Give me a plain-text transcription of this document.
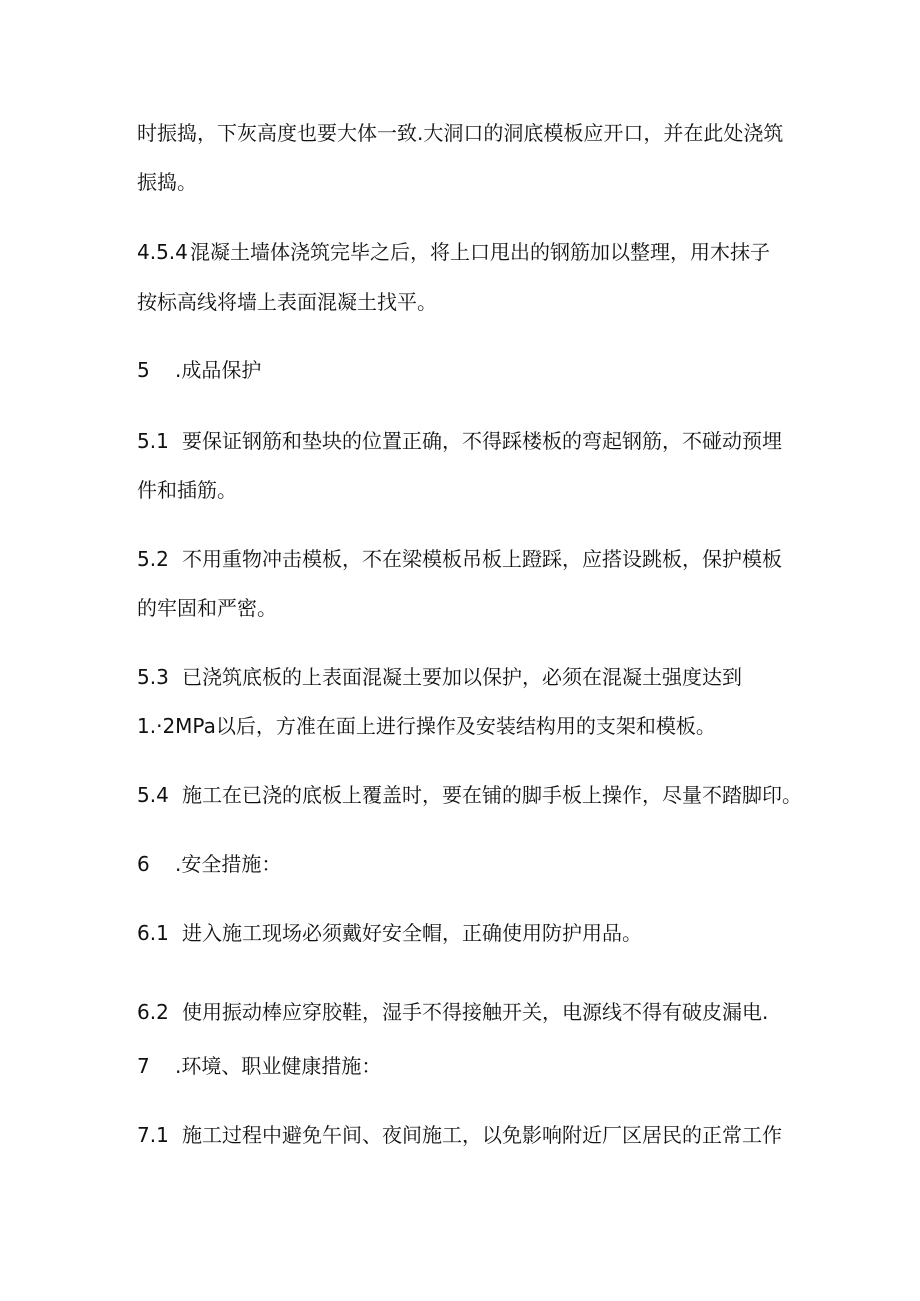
时振捣，下灰高度也要大体一致.大洞口的洞底模板应开口，并在此处浇筑
振捣。
4.5.4 混凝土墙体浇筑完毕之后，将上口甩出的钢筋加以整理，用木抹子
按标高线将墙上表面混凝土找平。
5 .成品保护
5.1 要保证钢筋和垫块的位置正确，不得踩楼板的弯起钢筋，不碰动预埋
件和插筋。
5.2 不用重物冲击模板，不在梁模板吊板上蹬踩，应搭设跳板，保护模板
的牢固和严密。
5.3 已浇筑底板的上表面混凝土要加以保护，必须在混凝土强度达到
1.·2MPa以后，方准在面上进行操作及安装结构用的支架和模板。
5.4 施工在已浇的底板上覆盖时，要在铺的脚手板上操作，尽量不踏脚印。
6 .安全措施：
6.1 进入施工现场必须戴好安全帽，正确使用防护用品。
6.2 使用振动棒应穿胶鞋，湿手不得接触开关，电源线不得有破皮漏电.
7 .环境、职业健康措施：
7.1 施工过程中避免午间、夜间施工，以免影响附近厂区居民的正常工作
